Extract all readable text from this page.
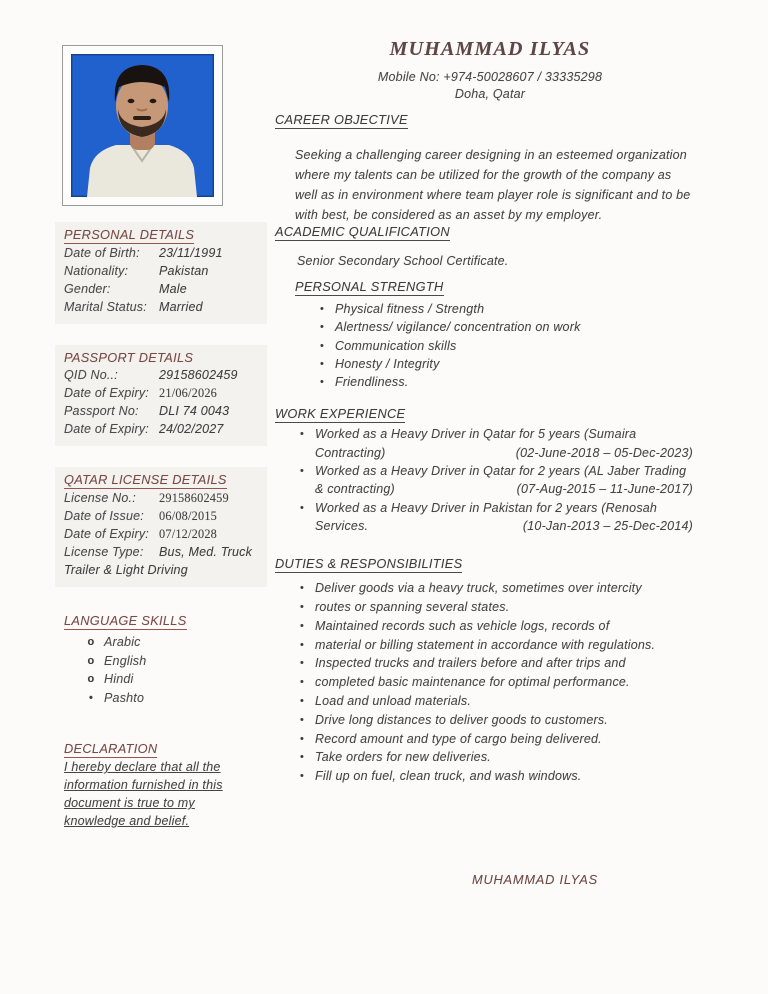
MUHAMMAD ILYAS
Mobile No: +974-50028607 / 33335298
Doha, Qatar
CAREER OBJECTIVE

Seeking a challenging career designing in an esteemed organization where my talents can be utilized for the growth of the company as well as in environment where team player role is significant and to be with best, be considered as an asset by my employer.

PERSONAL DETAILS
Date of Birth:	23/11/1991
Nationality:	Pakistan
Gender:	Male
Marital Status: Married
PASSPORT DETAILS
QID No..:	29158602459
Date of Expiry: 21/06/2026
Passport No:	DLI 74 0043
Date of Expiry: 24/02/2027
QATAR LICENSE DETAILS
License No.:	29158602459
Date of Issue:	06/08/2015
Date of Expiry: 07/12/2028
License Type:	Bus, Med. Truck
Trailer & Light Driving
LANGUAGE SKILLS
o Arabic
o English
o Hindi
• Pashto
DECLARATION
I hereby declare that all the
information furnished in this
document is true to my
knowledge and belief.
ACADEMIC QUALIFICATION
Senior Secondary School Certificate.
PERSONAL STRENGTH
• Physical fitness / Strength
• Alertness/ vigilance/ concentration on work
• Communication skills
• Honesty / Integrity
• Friendliness.
WORK EXPERIENCE
• Worked as a Heavy Driver in Qatar for 5 years (Sumaira
Contracting)	(02-June-2018 – 05-Dec-2023)
• Worked as a Heavy Driver in Qatar for 2 years (AL Jaber Trading
& contracting)	(07-Aug-2015 – 11-June-2017)
• Worked as a Heavy Driver in Pakistan for 2 years (Renosah
Services.	(10-Jan-2013 – 25-Dec-2014)
DUTIES & RESPONSIBILITIES
• Deliver goods via a heavy truck, sometimes over intercity
• routes or spanning several states.
• Maintained records such as vehicle logs, records of
• material or billing statement in accordance with regulations.
• Inspected trucks and trailers before and after trips and
• completed basic maintenance for optimal performance.
• Load and unload materials.
• Drive long distances to deliver goods to customers.
• Record amount and type of cargo being delivered.
• Take orders for new deliveries.
• Fill up on fuel, clean truck, and wash windows.
MUHAMMAD ILYAS
